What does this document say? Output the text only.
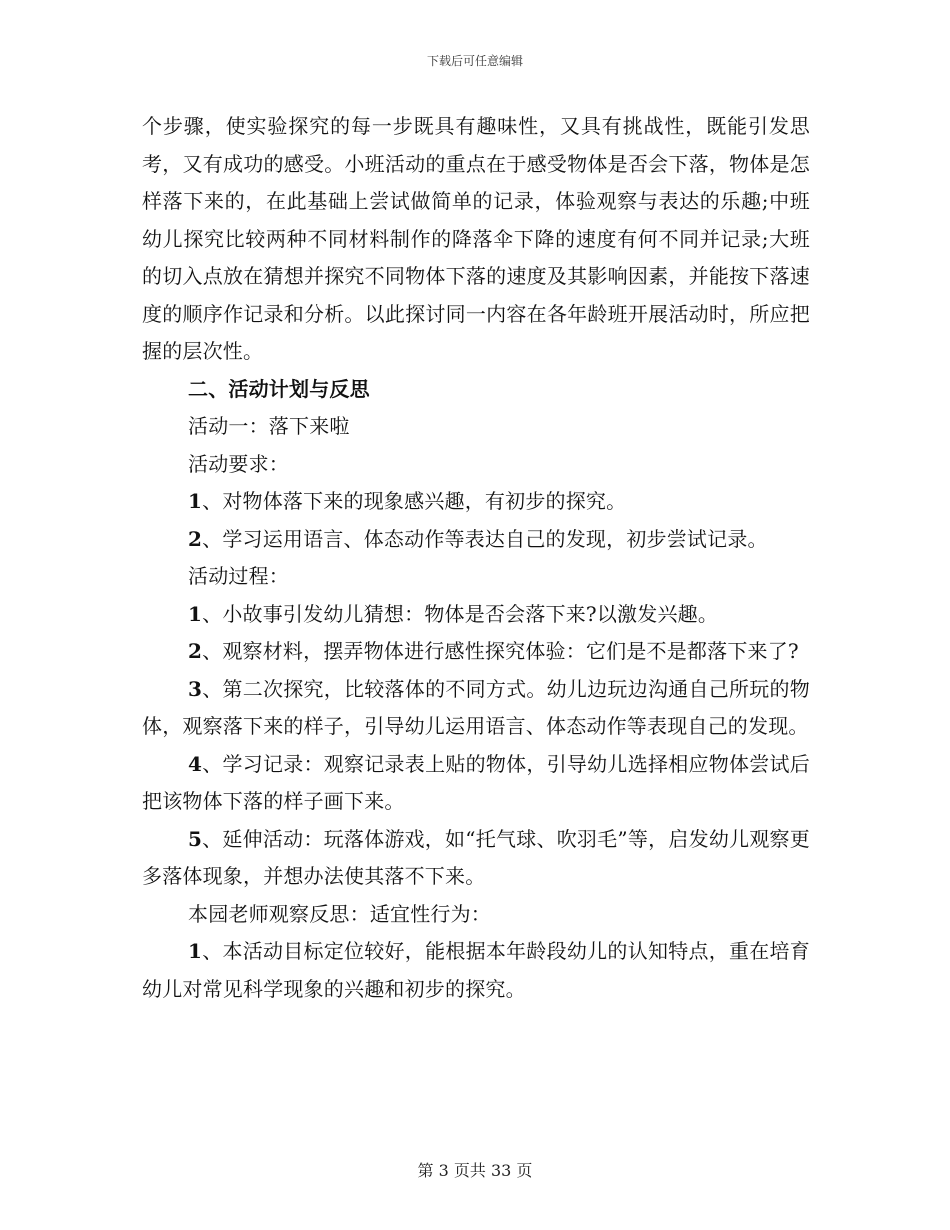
下载后可任意编辑

个步骤，使实验探究的每一步既具有趣味性，又具有挑战性，既能引发思考，又有成功的感受。小班活动的重点在于感受物体是否会下落，物体是怎样落下来的，在此基础上尝试做简单的记录，体验观察与表达的乐趣;中班幼儿探究比较两种不同材料制作的降落伞下降的速度有何不同并记录;大班的切入点放在猜想并探究不同物体下落的速度及其影响因素，并能按下落速度的顺序作记录和分析。以此探讨同一内容在各年龄班开展活动时，所应把握的层次性。

二、活动计划与反思

活动一：落下来啦

活动要求：

1、对物体落下来的现象感兴趣，有初步的探究。

2、学习运用语言、体态动作等表达自己的发现，初步尝试记录。

活动过程：

1、小故事引发幼儿猜想：物体是否会落下来?以激发兴趣。

2、观察材料，摆弄物体进行感性探究体验：它们是不是都落下来了?

3、第二次探究，比较落体的不同方式。幼儿边玩边沟通自己所玩的物体，观察落下来的样子，引导幼儿运用语言、体态动作等表现自己的发现。

4、学习记录：观察记录表上贴的物体，引导幼儿选择相应物体尝试后把该物体下落的样子画下来。

5、延伸活动：玩落体游戏，如“托气球、吹羽毛”等，启发幼儿观察更多落体现象，并想办法使其落不下来。

本园老师观察反思：适宜性行为：

1、本活动目标定位较好，能根据本年龄段幼儿的认知特点，重在培育幼儿对常见科学现象的兴趣和初步的探究。

第 3 页共 33 页
